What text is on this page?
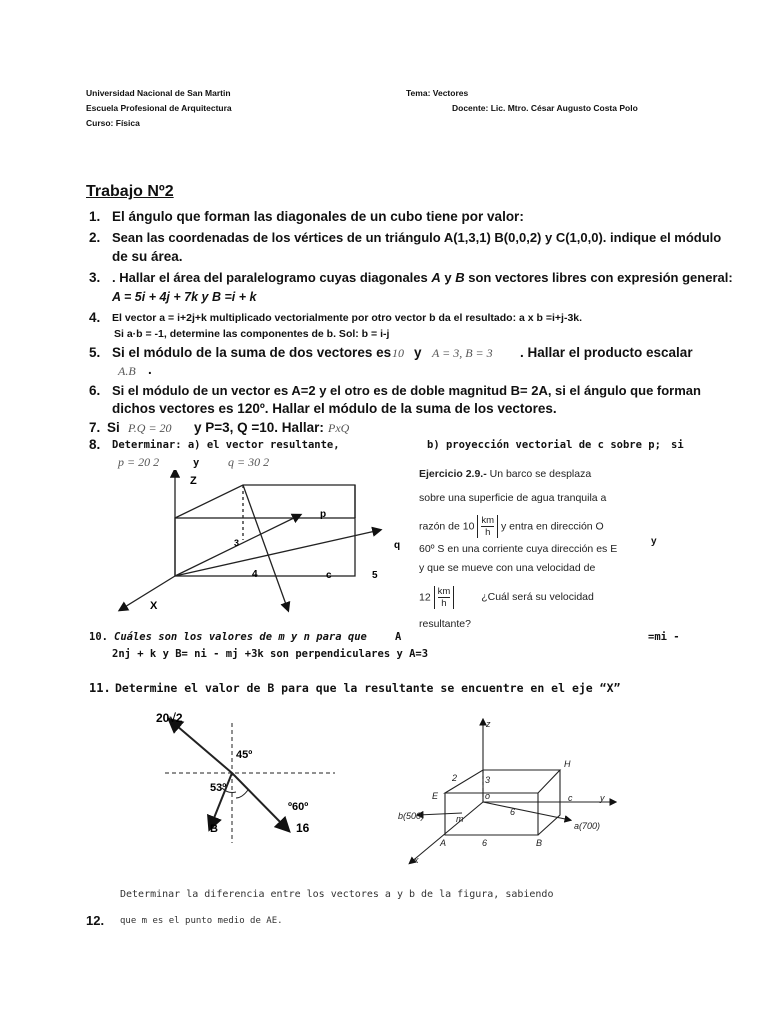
Universidad Nacional de San Martin
Escuela Profesional de Arquitectura
Curso: Física
Tema: Vectores
Docente: Lic. Mtro. César Augusto Costa Polo
Trabajo Nº2
1. El ángulo que forman las diagonales de un cubo tiene por valor:
2. Sean las coordenadas de los vértices de un triángulo A(1,3,1) B(0,0,2) y C(1,0,0). indique el módulo
de su área.
3. . Hallar el área del paralelogramo cuyas diagonales A y B son vectores libres con expresión general:
A = 5i + 4j + 7k y B =i + k
4. El vector a = i+2j+k multiplicado vectorialmente por otro vector b da el resultado: a x b =i+j-3k.
Si a·b = -1, determine las componentes de b. Sol: b = i-j
5. Si el módulo de la suma de dos vectores es 10 y A = 3, B = 3 . Hallar el producto escalar
A.B .
6. Si el módulo de un vector es A=2 y el otro es de doble magnitud B= 2A, si el ángulo que forman
dichos vectores es 120º. Hallar el módulo de la suma de los vectores.
7. Si P.Q = 20 y P=3, Q =10. Hallar: PxQ
8. Determinar: a) el vector resultante,	b) proyección vectorial de c sobre p; si
p = 20 2	y q = 30 2
Z
X
p
q
c
3
4	5
y
Ejercicio 2.9.- Un barco se desplaza
sobre una superficie de agua tranquila a
razón de $10 \frac{km}{h}$ y entra en dirección O
60º S en una corriente cuya dirección es E
y que se mueve con una velocidad de
$12 \frac{km}{h}$	¿Cuál será su velocidad
resultante?
10. Cuáles son los valores de m y n para que	A	=mi -
2nj + k y B= ni - mj +3k son perpendiculares y A=3
11. Determine el valor de B para que la resultante se encuentre en el eje “X”
20√2
45º
53º
º60º
B	16
z
2	3
o
H
E	c	y
6
6
m
A	B
b(500)
a(700)
x
Determinar la diferencia entre los vectores a y b de la figura, sabiendo
12. que m es el punto medio de AE.
